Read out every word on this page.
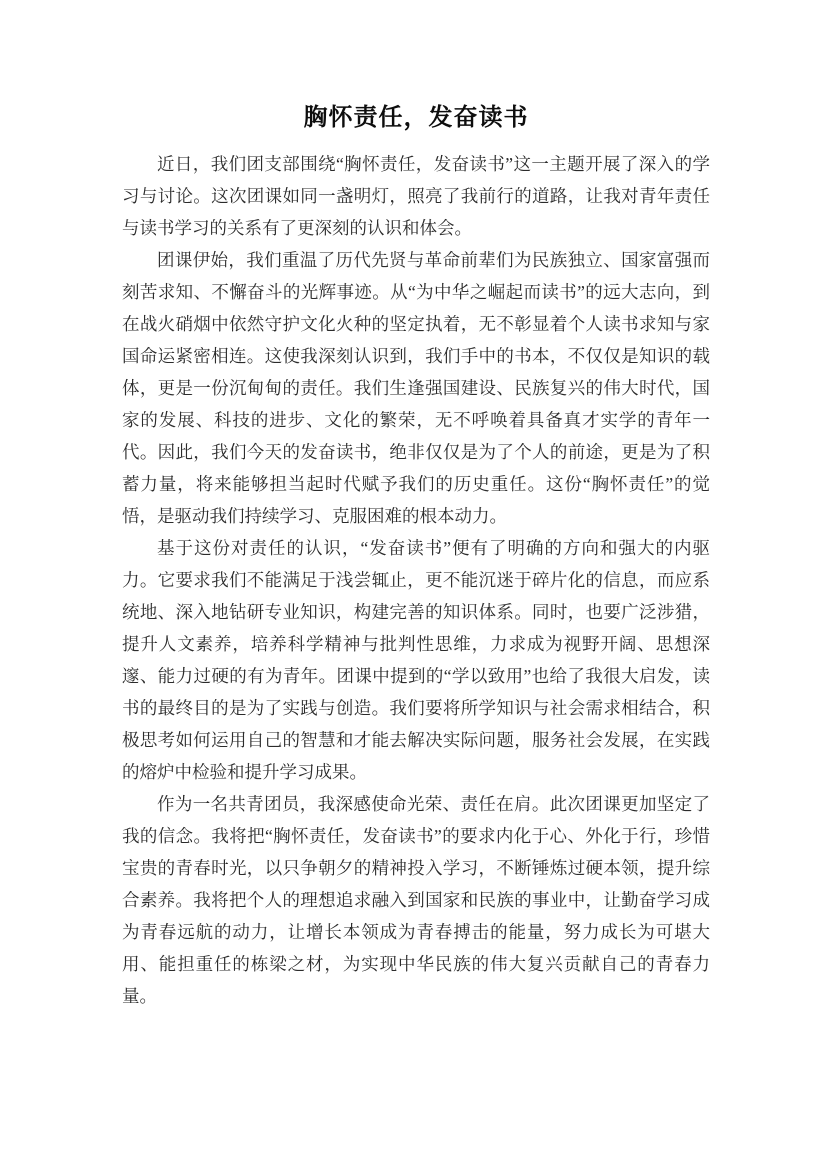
胸怀责任，发奋读书

近日，我们团支部围绕“胸怀责任，发奋读书”这一主题开展了深入的学习与讨论。这次团课如同一盏明灯，照亮了我前行的道路，让我对青年责任与读书学习的关系有了更深刻的认识和体会。

团课伊始，我们重温了历代先贤与革命前辈们为民族独立、国家富强而刻苦求知、不懈奋斗的光辉事迹。从“为中华之崛起而读书”的远大志向，到在战火硝烟中依然守护文化火种的坚定执着，无不彰显着个人读书求知与家国命运紧密相连。这使我深刻认识到，我们手中的书本，不仅仅是知识的载体，更是一份沉甸甸的责任。我们生逢强国建设、民族复兴的伟大时代，国家的发展、科技的进步、文化的繁荣，无不呼唤着具备真才实学的青年一代。因此，我们今天的发奋读书，绝非仅仅是为了个人的前途，更是为了积蓄力量，将来能够担当起时代赋予我们的历史重任。这份“胸怀责任”的觉悟，是驱动我们持续学习、克服困难的根本动力。

基于这份对责任的认识，“发奋读书”便有了明确的方向和强大的内驱力。它要求我们不能满足于浅尝辄止，更不能沉迷于碎片化的信息，而应系统地、深入地钻研专业知识，构建完善的知识体系。同时，也要广泛涉猎，提升人文素养，培养科学精神与批判性思维，力求成为视野开阔、思想深邃、能力过硬的有为青年。团课中提到的“学以致用”也给了我很大启发，读书的最终目的是为了实践与创造。我们要将所学知识与社会需求相结合，积极思考如何运用自己的智慧和才能去解决实际问题，服务社会发展，在实践的熔炉中检验和提升学习成果。

作为一名共青团员，我深感使命光荣、责任在肩。此次团课更加坚定了我的信念。我将把“胸怀责任，发奋读书”的要求内化于心、外化于行，珍惜宝贵的青春时光，以只争朝夕的精神投入学习，不断锤炼过硬本领，提升综合素养。我将把个人的理想追求融入到国家和民族的事业中，让勤奋学习成为青春远航的动力，让增长本领成为青春搏击的能量，努力成长为可堪大用、能担重任的栋梁之材，为实现中华民族的伟大复兴贡献自己的青春力量。
